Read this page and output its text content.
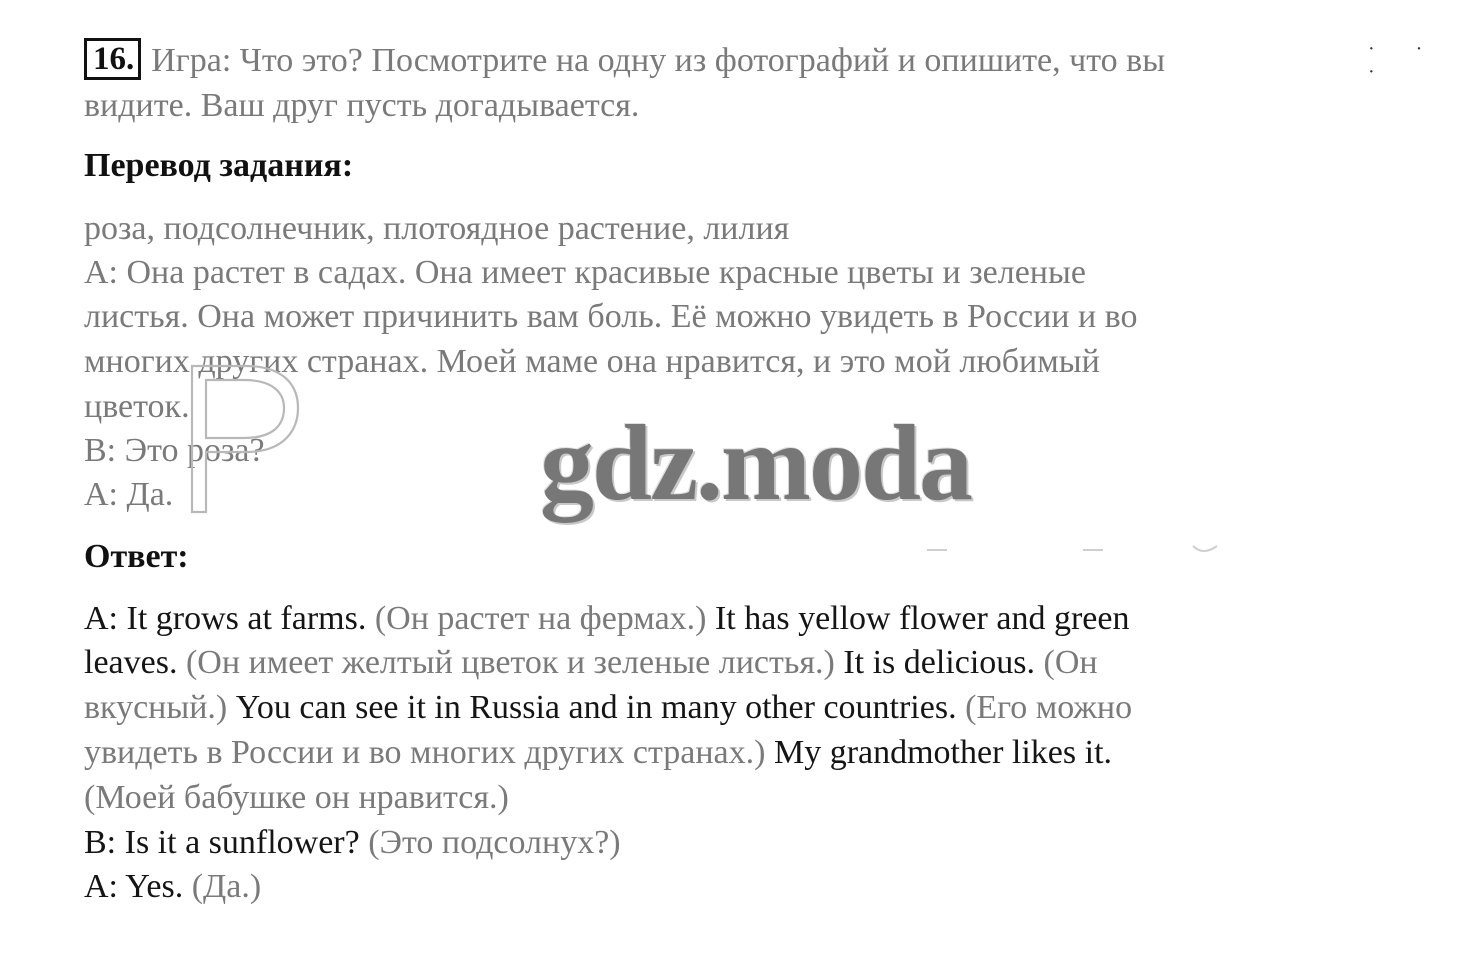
· · ·
16. Игра: Что это? Посмотрите на одну из фотографий и опишите, что вы
видите. Ваш друг пусть догадывается.
Перевод задания:
роза, подсолнечник, плотоядное растение, лилия
А: Она растет в садах. Она имеет красивые красные цветы и зеленые
листья. Она может причинить вам боль. Её можно увидеть в России и во
многих других странах. Моей маме она нравится, и это мой любимый
цветок.
В: Это роза?
А: Да.	gdz.moda
Ответ:
A: It grows at farms. (Он растет на фермах.) It has yellow flower and green
leaves. (Он имеет желтый цветок и зеленые листья.) It is delicious. (Он
вкусный.) You can see it in Russia and in many other countries. (Его можно
увидеть в России и во многих других странах.) My grandmother likes it.
(Моей бабушке он нравится.)
B: Is it a sunflower? (Это подсолнух?)
A: Yes. (Да.)
